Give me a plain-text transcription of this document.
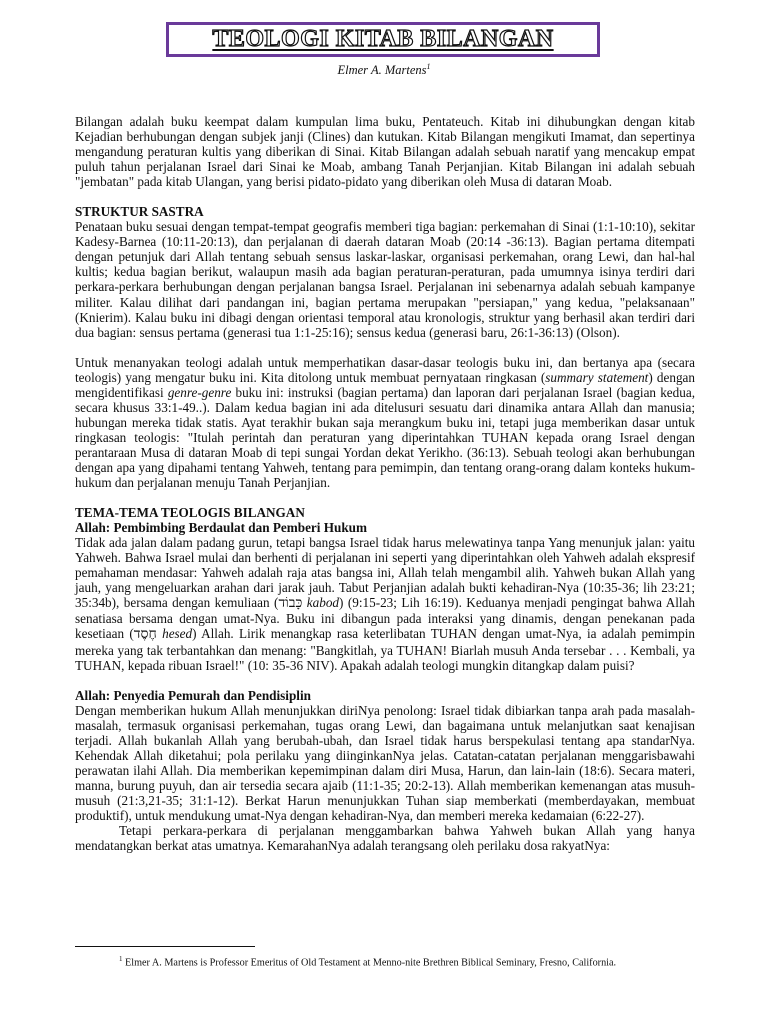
TEOLOGI KITAB BILANGAN
Elmer A. Martens$^1$

Bilangan adalah buku keempat dalam kumpulan lima buku, Pentateuch. Kitab ini dihubungkan dengan kitab Kejadian berhubungan dengan subjek janji (Clines) dan kutukan. Kitab Bilangan mengikuti Imamat, dan sepertinya mengandung peraturan kultis yang diberikan di Sinai. Kitab Bilangan adalah sebuah naratif yang mencakup empat puluh tahun perjalanan Israel dari Sinai ke Moab, ambang Tanah Perjanjian. Kitab Bilangan ini adalah sebuah "jembatan" pada kitab Ulangan, yang berisi pidato-pidato yang diberikan oleh Musa di dataran Moab.

STRUKTUR SASTRA

Penataan buku sesuai dengan tempat-tempat geografis memberi tiga bagian: perkemahan di Sinai (1:1-10:10), sekitar Kadesy-Barnea (10:11-20:13), dan perjalanan di daerah dataran Moab (20:14 -36:13). Bagian pertama ditempati dengan petunjuk dari Allah tentang sebuah sensus laskar-laskar, organisasi perkemahan, orang Lewi, dan hal-hal kultis; kedua bagian berikut, walaupun masih ada bagian peraturan-peraturan, pada umumnya isinya terdiri dari perkara-perkara berhubungan dengan perjalanan bangsa Israel. Perjalanan ini sebenarnya adalah sebuah kampanye militer. Kalau dilihat dari pandangan ini, bagian pertama merupakan "persiapan," yang kedua, "pelaksanaan" (Knierim). Kalau buku ini dibagi dengan orientasi temporal atau kronologis, struktur yang berhasil akan terdiri dari dua bagian: sensus pertama (generasi tua 1:1-25:16); sensus kedua (generasi baru, 26:1-36:13) (Olson).

Untuk menanyakan teologi adalah untuk memperhatikan dasar-dasar teologis buku ini, dan bertanya apa (secara teologis) yang mengatur buku ini. Kita ditolong untuk membuat pernyataan ringkasan (summary statement) dengan mengidentifikasi genre-genre buku ini: instruksi (bagian pertama) dan laporan dari perjalanan Israel (bagian kedua, secara khusus 33:1-49..). Dalam kedua bagian ini ada ditelusuri sesuatu dari dinamika antara Allah dan manusia; hubungan mereka tidak statis. Ayat terakhir bukan saja merangkum buku ini, tetapi juga memberikan dasar untuk ringkasan teologis: "Itulah perintah dan peraturan yang diperintahkan TUHAN kepada orang Israel dengan perantaraan Musa di dataran Moab di tepi sungai Yordan dekat Yerikho. (36:13). Sebuah teologi akan berhubungan dengan apa yang dipahami tentang Yahweh, tentang para pemimpin, dan tentang orang-orang dalam konteks hukum-hukum dan perjalanan menuju Tanah Perjanjian.

TEMA-TEMA TEOLOGIS BILANGAN
Allah: Pembimbing Berdaulat dan Pemberi Hukum

Tidak ada jalan dalam padang gurun, tetapi bangsa Israel tidak harus melewatinya tanpa Yang menunjuk jalan: yaitu Yahweh. Bahwa Israel mulai dan berhenti di perjalanan ini seperti yang diperintahkan oleh Yahweh adalah ekspresif pemahaman mendasar: Yahweh adalah raja atas bangsa ini, Allah telah mengambil alih. Yahweh bukan Allah yang jauh, yang mengeluarkan arahan dari jarak jauh. Tabut Perjanjian adalah bukti kehadiran-Nya (10:35-36; lih 23:21; 35:34b), bersama dengan kemuliaan (כָּבוֹד kabod) (9:15-23; Lih 16:19). Keduanya menjadi pengingat bahwa Allah senatiasa bersama dengan umat-Nya. Buku ini dibangun pada interaksi yang dinamis, dengan penekanan pada kesetiaan (חֶסֶד hesed) Allah. Lirik menangkap rasa keterlibatan TUHAN dengan umat-Nya, ia adalah pemimpin mereka yang tak terbantahkan dan menang: "Bangkitlah, ya TUHAN! Biarlah musuh Anda tersebar . . . Kembali, ya TUHAN, kepada ribuan Israel!" (10: 35-36 NIV). Apakah adalah teologi mungkin ditangkap dalam puisi?

Allah: Penyedia Pemurah dan Pendisiplin

Dengan memberikan hukum Allah menunjukkan diriNya penolong: Israel tidak dibiarkan tanpa arah pada masalah-masalah, termasuk organisasi perkemahan, tugas orang Lewi, dan bagaimana untuk melanjutkan saat kenajisan terjadi. Allah bukanlah Allah yang berubah-ubah, dan Israel tidak harus berspekulasi tentang apa standarNya. Kehendak Allah diketahui; pola perilaku yang diinginkanNya jelas. Catatan-catatan perjalanan menggarisbawahi perawatan ilahi Allah. Dia memberikan kepemimpinan dalam diri Musa, Harun, dan lain-lain (18:6). Secara materi, manna, burung puyuh, dan air tersedia secara ajaib (11:1-35; 20:2-13). Allah memberikan kemenangan atas musuh-musuh (21:3,21-35; 31:1-12). Berkat Harun menunjukkan Tuhan siap memberkati (memberdayakan, membuat produktif), untuk mendukung umat-Nya dengan kehadiran-Nya, dan memberi mereka kedamaian (6:22-27).

Tetapi perkara-perkara di perjalanan menggambarkan bahwa Yahweh bukan Allah yang hanya mendatangkan berkat atas umatnya. KemarahanNya adalah terangsang oleh perilaku dosa rakyatNya:

$^1$ Elmer A. Martens is Professor Emeritus of Old Testament at Menno-nite Brethren Biblical Seminary, Fresno, California.
